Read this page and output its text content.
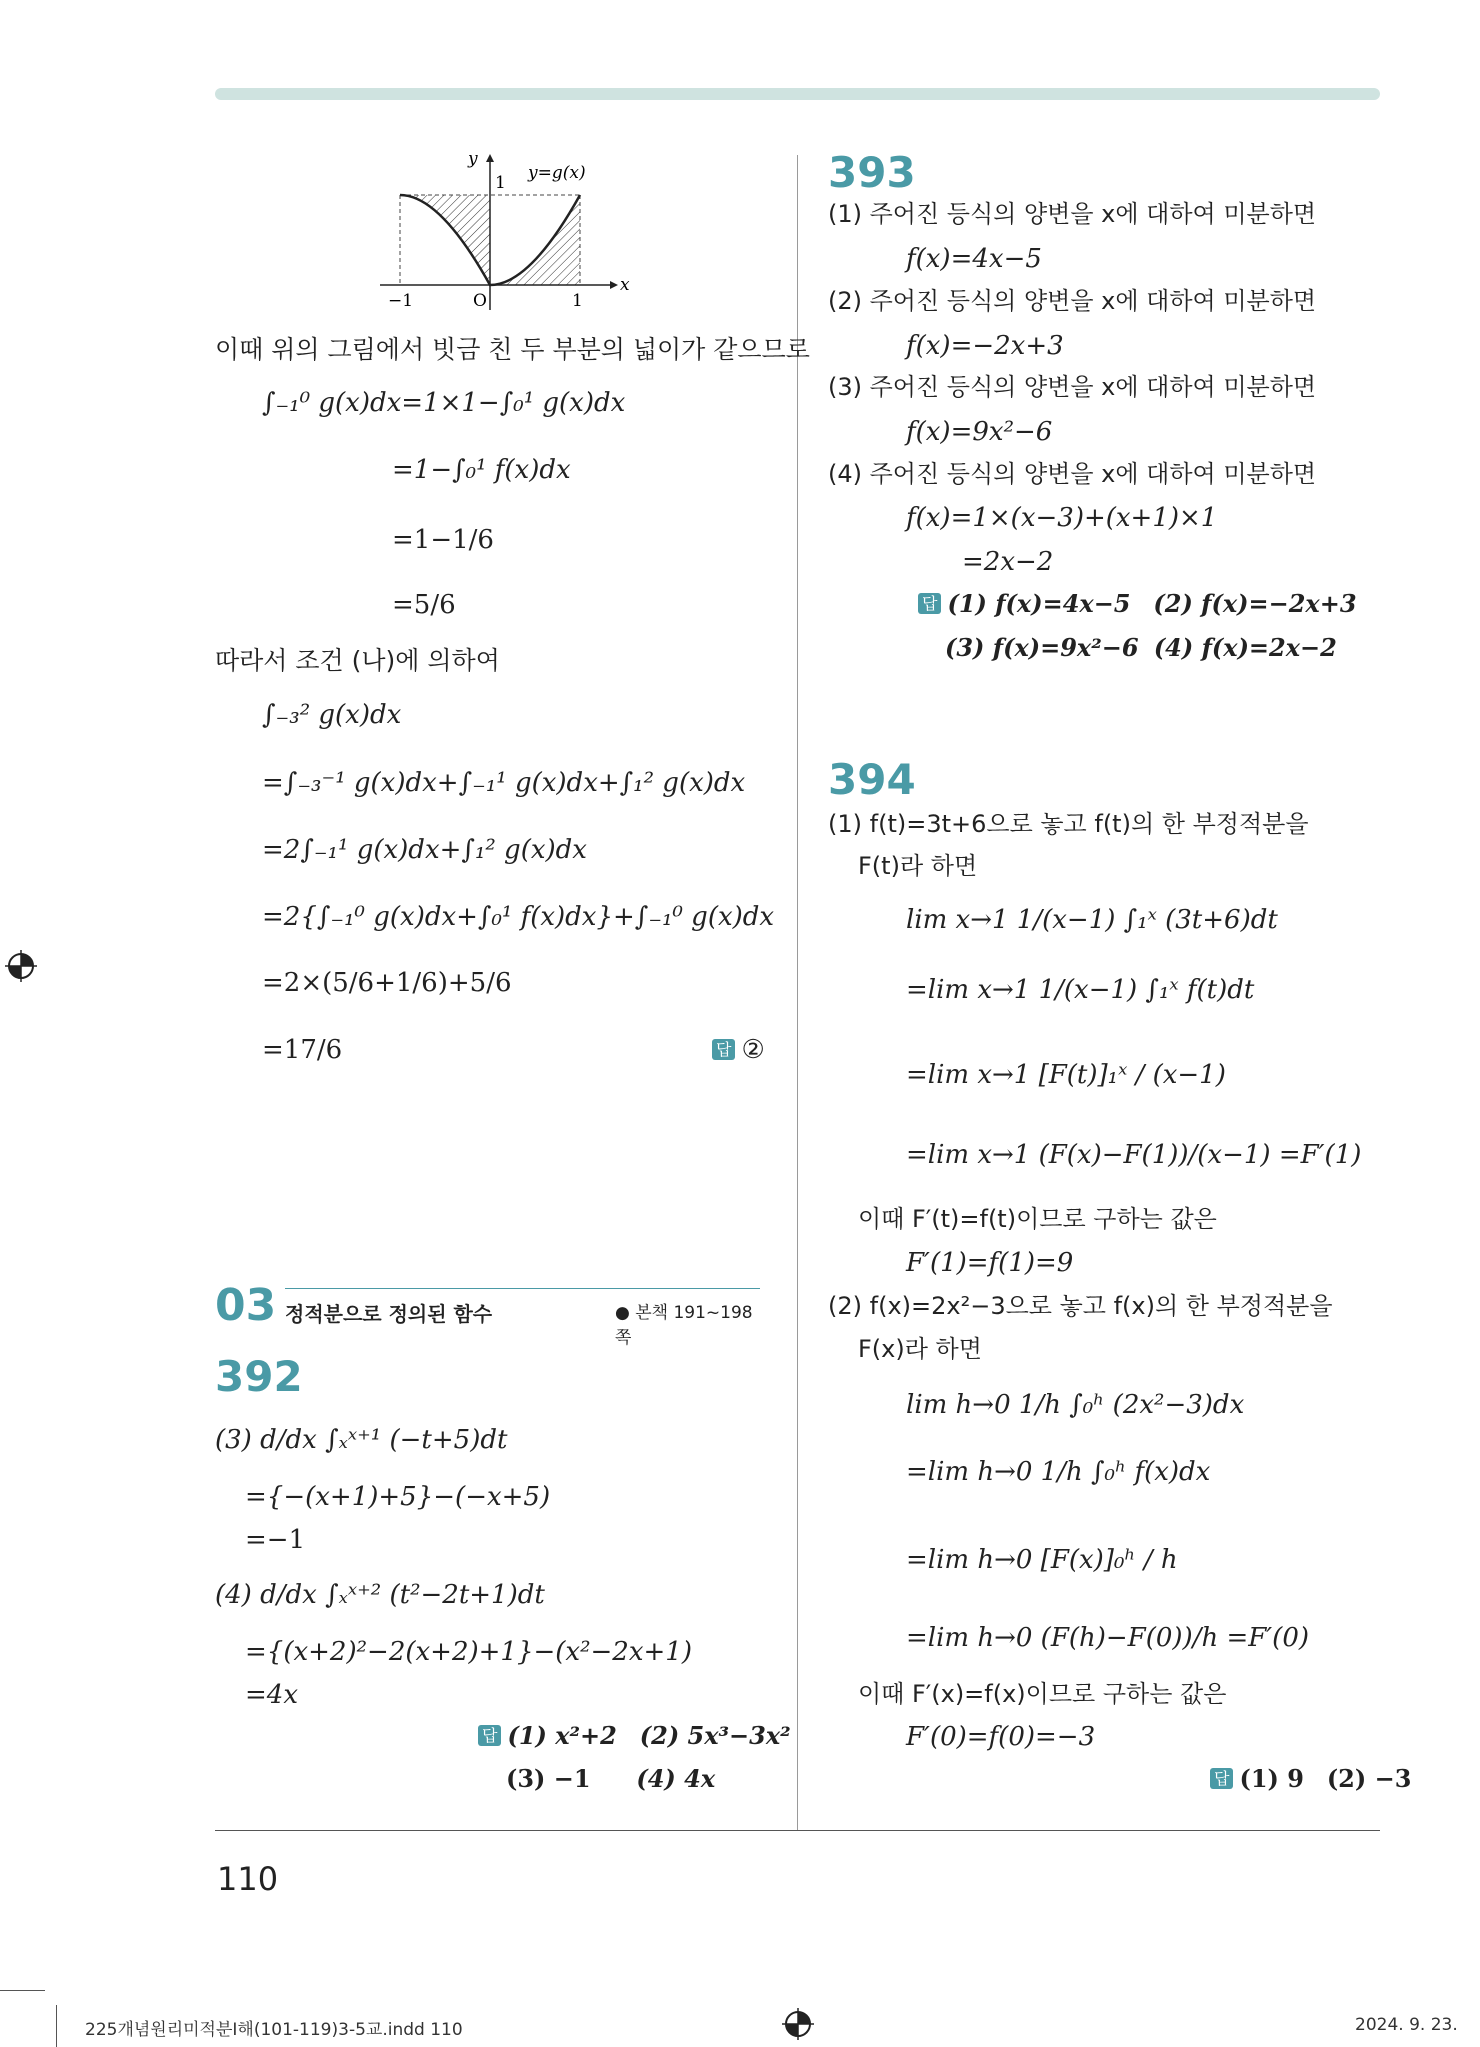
y
x
1 y=g(x)
−1	O	1
이때 위의 그림에서 빗금 친 두 부분의 넓이가 같으므로
∫₋₁⁰ g(x)dx=1×1−∫₀¹ g(x)dx
=1−∫₀¹ f(x)dx
=1−1/6
=5/6
따라서 조건 (나)에 의하여
∫₋₃² g(x)dx
=∫₋₃⁻¹ g(x)dx+∫₋₁¹ g(x)dx+∫₁² g(x)dx
=2∫₋₁¹ g(x)dx+∫₁² g(x)dx
=2{∫₋₁⁰ g(x)dx+∫₀¹ f(x)dx}+∫₋₁⁰ g(x)dx
=2×(5/6+1/6)+5/6
=17/6	답 ②
03 정적분으로 정의된 함수	● 본책 191~198쪽
392
(3) d/dx ∫ₓˣ⁺¹ (−t+5)dt
={−(x+1)+5}−(−x+5)
=−1
(4) d/dx ∫ₓˣ⁺² (t²−2t+1)dt
={(x+2)²−2(x+2)+1}−(x²−2x+1)
=4x
답 (1) x²+2 (2) 5x³−3x²
(3) −1 (4) 4x
393
(1) 주어진 등식의 양변을 x에 대하여 미분하면
f(x)=4x−5
(2) 주어진 등식의 양변을 x에 대하여 미분하면
f(x)=−2x+3
(3) 주어진 등식의 양변을 x에 대하여 미분하면
f(x)=9x²−6
(4) 주어진 등식의 양변을 x에 대하여 미분하면
f(x)=1×(x−3)+(x+1)×1
=2x−2
답 (1) f(x)=4x−5 (2) f(x)=−2x+3
(3) f(x)=9x²−6 (4) f(x)=2x−2
394
(1) f(t)=3t+6으로 놓고 f(t)의 한 부정적분을
F(t)라 하면
lim x→1 1/(x−1) ∫₁ˣ (3t+6)dt
=lim x→1 1/(x−1) ∫₁ˣ f(t)dt
=lim x→1 [F(t)]₁ˣ / (x−1)
=lim x→1 (F(x)−F(1))/(x−1) =F′(1)
이때 F′(t)=f(t)이므로 구하는 값은
F′(1)=f(1)=9
(2) f(x)=2x²−3으로 놓고 f(x)의 한 부정적분을
F(x)라 하면
lim h→0 1/h ∫₀ʰ (2x²−3)dx
=lim h→0 1/h ∫₀ʰ f(x)dx
=lim h→0 [F(x)]₀ʰ / h
=lim h→0 (F(h)−F(0))/h =F′(0)
이때 F′(x)=f(x)이므로 구하는 값은
F′(0)=f(0)=−3
답 (1) 9 (2) −3
110
225개념원리미적분Ⅰ해(101-119)3-5교.indd 110	2024. 9. 23.
